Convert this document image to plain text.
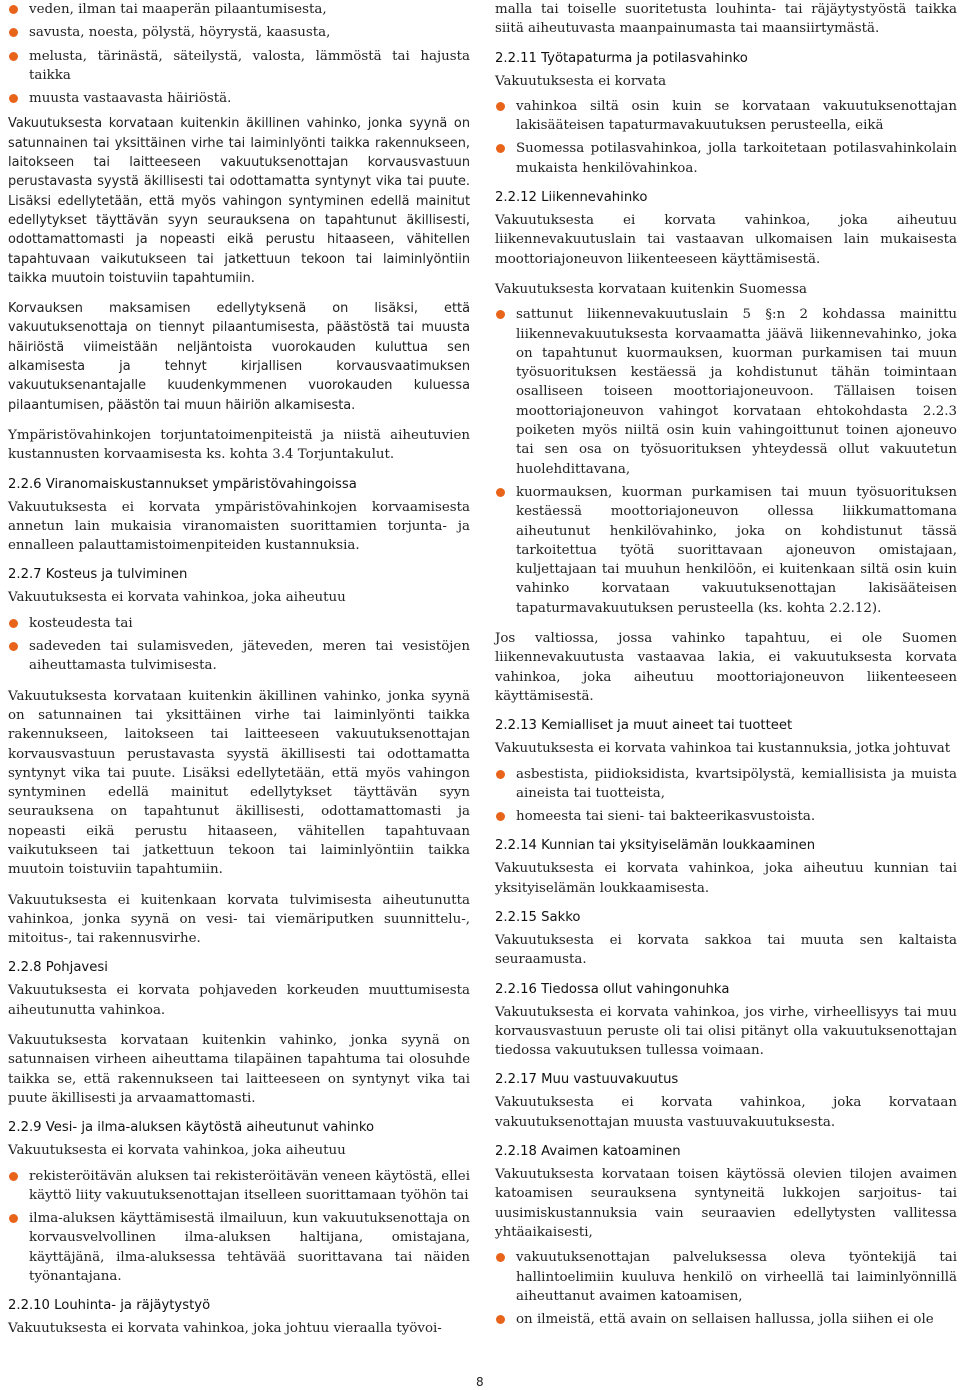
veden, ilman tai maaperän pilaantumisesta,
savusta, noesta, pölystä, höyrystä, kaasusta,
melusta, tärinästä, säteilystä, valosta, lämmöstä tai hajusta taikka
muusta vastaavasta häiriöstä.

Vakuutuksesta korvataan kuitenkin äkillinen vahinko, jonka syynä on satunnainen tai yksittäinen virhe tai laiminlyönti taikka rakennukseen, laitokseen tai laitteeseen vakuutuksenottajan korvausvastuun perustavasta syystä äkillisesti tai odottamatta syntynyt vika tai puute. Lisäksi edellytetään, että myös vahingon syntyminen edellä mainitut edellytykset täyttävän syyn seurauksena on tapahtunut äkillisesti, odottamattomasti ja nopeasti eikä perustu hitaaseen, vähitellen tapahtuvaan vaikutukseen tai jatkettuun tekoon tai laiminlyöntiin taikka muutoin toistuviin tapahtumiin.

Korvauksen maksamisen edellytyksenä on lisäksi, että vakuutuksenottaja on tiennyt pilaantumisesta, päästöstä tai muusta häiriöstä viimeistään neljäntoista vuorokauden kuluttua sen alkamisesta ja tehnyt kirjallisen korvausvaatimuksen vakuutuksenantajalle kuudenkymmenen vuorokauden kuluessa pilaantumisen, päästön tai muun häiriön alkamisesta.

Ympäristövahinkojen torjuntatoimenpiteistä ja niistä aiheutuvien kustannusten korvaamisesta ks. kohta 3.4 Torjuntakulut.

2.2.6 Viranomaiskustannukset ympäristövahingoissa

Vakuutuksesta ei korvata ympäristövahinkojen korvaamisesta annetun lain mukaisia viranomaisten suorittamien torjunta- ja ennalleen palauttamistoimenpiteiden kustannuksia.

2.2.7 Kosteus ja tulviminen

Vakuutuksesta ei korvata vahinkoa, joka aiheutuu

kosteudesta tai
sadeveden tai sulamisveden, jäteveden, meren tai vesistöjen aiheuttamasta tulvimisesta.

Vakuutuksesta korvataan kuitenkin äkillinen vahinko, jonka syynä on satunnainen tai yksittäinen virhe tai laiminlyönti taikka rakennukseen, laitokseen tai laitteeseen vakuutuksenottajan korvausvastuun perustavasta syystä äkillisesti tai odottamatta syntynyt vika tai puute. Lisäksi edellytetään, että myös vahingon syntyminen edellä mainitut edellytykset täyttävän syyn seurauksena on tapahtunut äkillisesti, odottamattomasti ja nopeasti eikä perustu hitaaseen, vähitellen tapahtuvaan vaikutukseen tai jatkettuun tekoon tai laiminlyöntiin taikka muutoin toistuviin tapahtumiin.

Vakuutuksesta ei kuitenkaan korvata tulvimisesta aiheutunutta vahinkoa, jonka syynä on vesi- tai viemäriputken suunnittelu-, mitoitus-, tai rakennusvirhe.

2.2.8 Pohjavesi

Vakuutuksesta ei korvata pohjaveden korkeuden muuttumisesta aiheutunutta vahinkoa.

Vakuutuksesta korvataan kuitenkin vahinko, jonka syynä on satunnaisen virheen aiheuttama tilapäinen tapahtuma tai olosuhde taikka se, että rakennukseen tai laitteeseen on syntynyt vika tai puute äkillisesti ja arvaamattomasti.

2.2.9 Vesi- ja ilma-aluksen käytöstä aiheutunut vahinko

Vakuutuksesta ei korvata vahinkoa, joka aiheutuu

rekisteröitävän aluksen tai rekisteröitävän veneen käytöstä, ellei käyttö liity vakuutuksenottajan itselleen suorittamaan työhön tai
ilma-aluksen käyttämisestä ilmailuun, kun vakuutuksenottaja on korvausvelvollinen ilma-aluksen haltijana, omistajana, käyttäjänä, ilma-aluksessa tehtävää suorittavana tai näiden työnantajana.
2.2.10 Louhinta- ja räjäytystyö

Vakuutuksesta ei korvata vahinkoa, joka johtuu vieraalla työvoi-

malla tai toiselle suoritetusta louhinta- tai räjäytystyöstä taikka siitä aiheutuvasta maanpainumasta tai maansiirtymästä.

2.2.11 Työtapaturma ja potilasvahinko

Vakuutuksesta ei korvata

vahinkoa siltä osin kuin se korvataan vakuutuksenottajan lakisääteisen tapaturmavakuutuksen perusteella, eikä
Suomessa potilasvahinkoa, jolla tarkoitetaan potilasvahinkolain mukaista henkilövahinkoa.
2.2.12 Liikennevahinko

Vakuutuksesta ei korvata vahinkoa, joka aiheutuu liikennevakuutuslain tai vastaavan ulkomaisen lain mukaisesta moottoriajoneuvon liikenteeseen käyttämisestä.

Vakuutuksesta korvataan kuitenkin Suomessa

sattunut liikennevakuutuslain 5 §:n 2 kohdassa mainittu liikennevakuutuksesta korvaamatta jäävä liikennevahinko, joka on tapahtunut kuormauksen, kuorman purkamisen tai muun työsuorituksen kestäessä ja kohdistunut tähän toimintaan osalliseen toiseen moottoriajoneuvoon. Tällaisen toisen moottoriajoneuvon vahingot korvataan ehtokohdasta 2.2.3 poiketen myös niiltä osin kuin vahingoittunut toinen ajoneuvo tai sen osa on työsuorituksen yhteydessä ollut vakuutetun huolehdittavana,
kuormauksen, kuorman purkamisen tai muun työsuorituksen kestäessä moottoriajoneuvon ollessa liikkumattomana aiheutunut henkilövahinko, joka on kohdistunut tässä tarkoitettua työtä suorittavaan ajoneuvon omistajaan, kuljettajaan tai muuhun henkilöön, ei kuitenkaan siltä osin kuin vahinko korvataan vakuutuksenottajan lakisääteisen tapaturmavakuutuksen perusteella (ks. kohta 2.2.12).

Jos valtiossa, jossa vahinko tapahtuu, ei ole Suomen liikennevakuutusta vastaavaa lakia, ei vakuutuksesta korvata vahinkoa, joka aiheutuu moottoriajoneuvon liikenteeseen käyttämisestä.

2.2.13 Kemialliset ja muut aineet tai tuotteet

Vakuutuksesta ei korvata vahinkoa tai kustannuksia, jotka johtuvat

asbestista, piidioksidista, kvartsipölystä, kemiallisista ja muista aineista tai tuotteista,
homeesta tai sieni- tai bakteerikasvustoista.
2.2.14 Kunnian tai yksityiselämän loukkaaminen

Vakuutuksesta ei korvata vahinkoa, joka aiheutuu kunnian tai yksityiselämän loukkaamisesta.

2.2.15 Sakko

Vakuutuksesta ei korvata sakkoa tai muuta sen kaltaista seuraamusta.

2.2.16 Tiedossa ollut vahingonuhka

Vakuutuksesta ei korvata vahinkoa, jos virhe, virheellisyys tai muu korvausvastuun peruste oli tai olisi pitänyt olla vakuutuksenottajan tiedossa vakuutuksen tullessa voimaan.

2.2.17 Muu vastuuvakuutus

Vakuutuksesta ei korvata vahinkoa, joka korvataan vakuutuksenottajan muusta vastuuvakuutuksesta.

2.2.18 Avaimen katoaminen

Vakuutuksesta korvataan toisen käytössä olevien tilojen avaimen katoamisen seurauksena syntyneitä lukkojen sarjoitus- tai uusimiskustannuksia vain seuraavien edellytysten vallitessa yhtäaikaisesti,

vakuutuksenottajan palveluksessa oleva työntekijä tai hallintoelimiin kuuluva henkilö on virheellä tai laiminlyönnillä aiheuttanut avaimen katoamisen,
on ilmeistä, että avain on sellaisen hallussa, jolla siihen ei ole
8
